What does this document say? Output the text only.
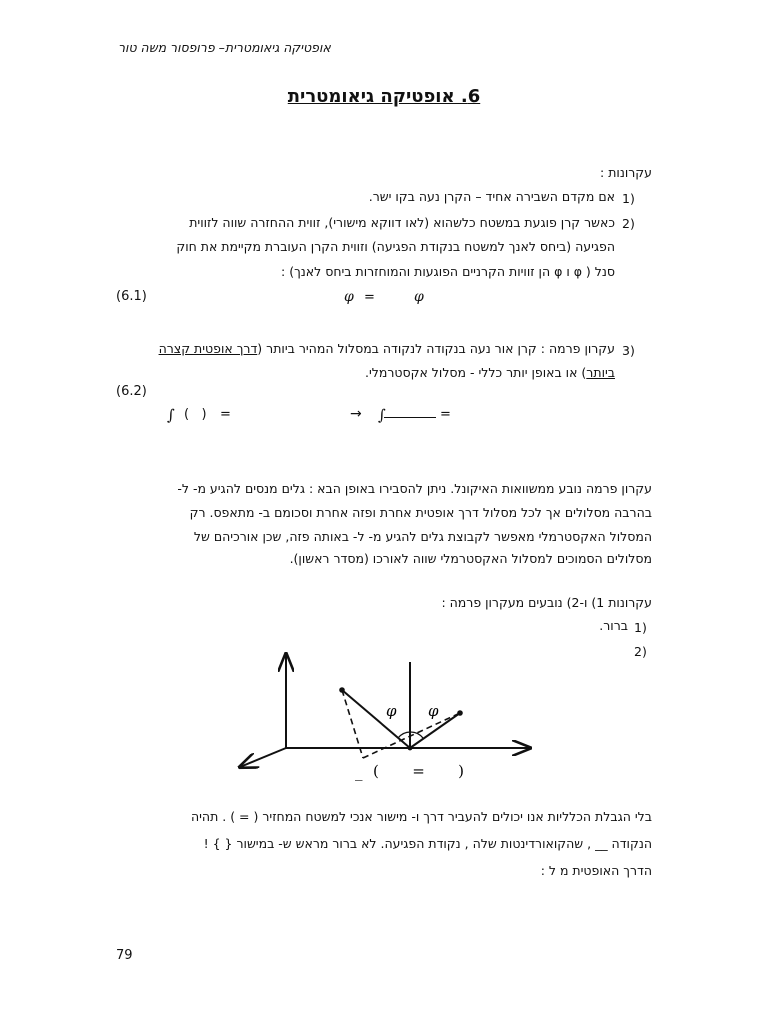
אופטיקה גיאומטרית– פרופסור משה טור
6. אופטיקה גיאומטרית
עקרונות :
1)
אם מקדם השבירה אחיד – הקרן נעה בקו ישר.
2)
כאשר קרן פוגעת במשטח כלשהוא (לאו דווקא מישורי), זווית ההחזרה שווה לזווית
הפגיעה (ביחס לאנך למשטח בנקודת הפגיעה) וזווית הקרן העוברת מקיימת את חוק
סנל ( φ ו φ הן זוויות הקרניים הפוגעות והמוחזרות ביחס לאנך) :
(6.1)	φ =	φ
3)
עקרון פרמה : קרן אור נעה בנקודה לנקודה במסלול המהיר ביותר (דרך אופטית קצרה
ביותר) או באופן יותר כללי - מסלול אקסטרמלי.
(6.2)
∫ (   ) =	→ ∫	=
עקרון פרמה נובע ממשוואות האיקונל. ניתן להסבירו באופן הבא : גלים מנסים להגיע מ- ל-
בהרבה מסלולים אך לכל מסלול דרך אופטית אחרת ופזה אחרת וסכומם ב- מתאפס. רק
המסלול האקסטרמלי מאפשר לקבוצת גלים להגיע מ- ל- באותה פזה, שכן אורכיהם של
מסלולים הסמוכים למסלול האקסטרמלי שווה לאורכו (מסדר ראשון).
עקרונות 1) ו-2) נובעים מעקרון פרמה :
1)
ברור.
2)
φ φ
_ (       =       )
בלי הגבלת הכלליות אנו יכולים להעביר דרך ו- מישור אנכי למשטח המחזיר ( = ) . תהיה
הנקודה __ , שהקואורדינטות שלה , נקודת הפגיעה. לא ברור מראש ש- במישור { } !
הדרך האופטית מ ל :
79
